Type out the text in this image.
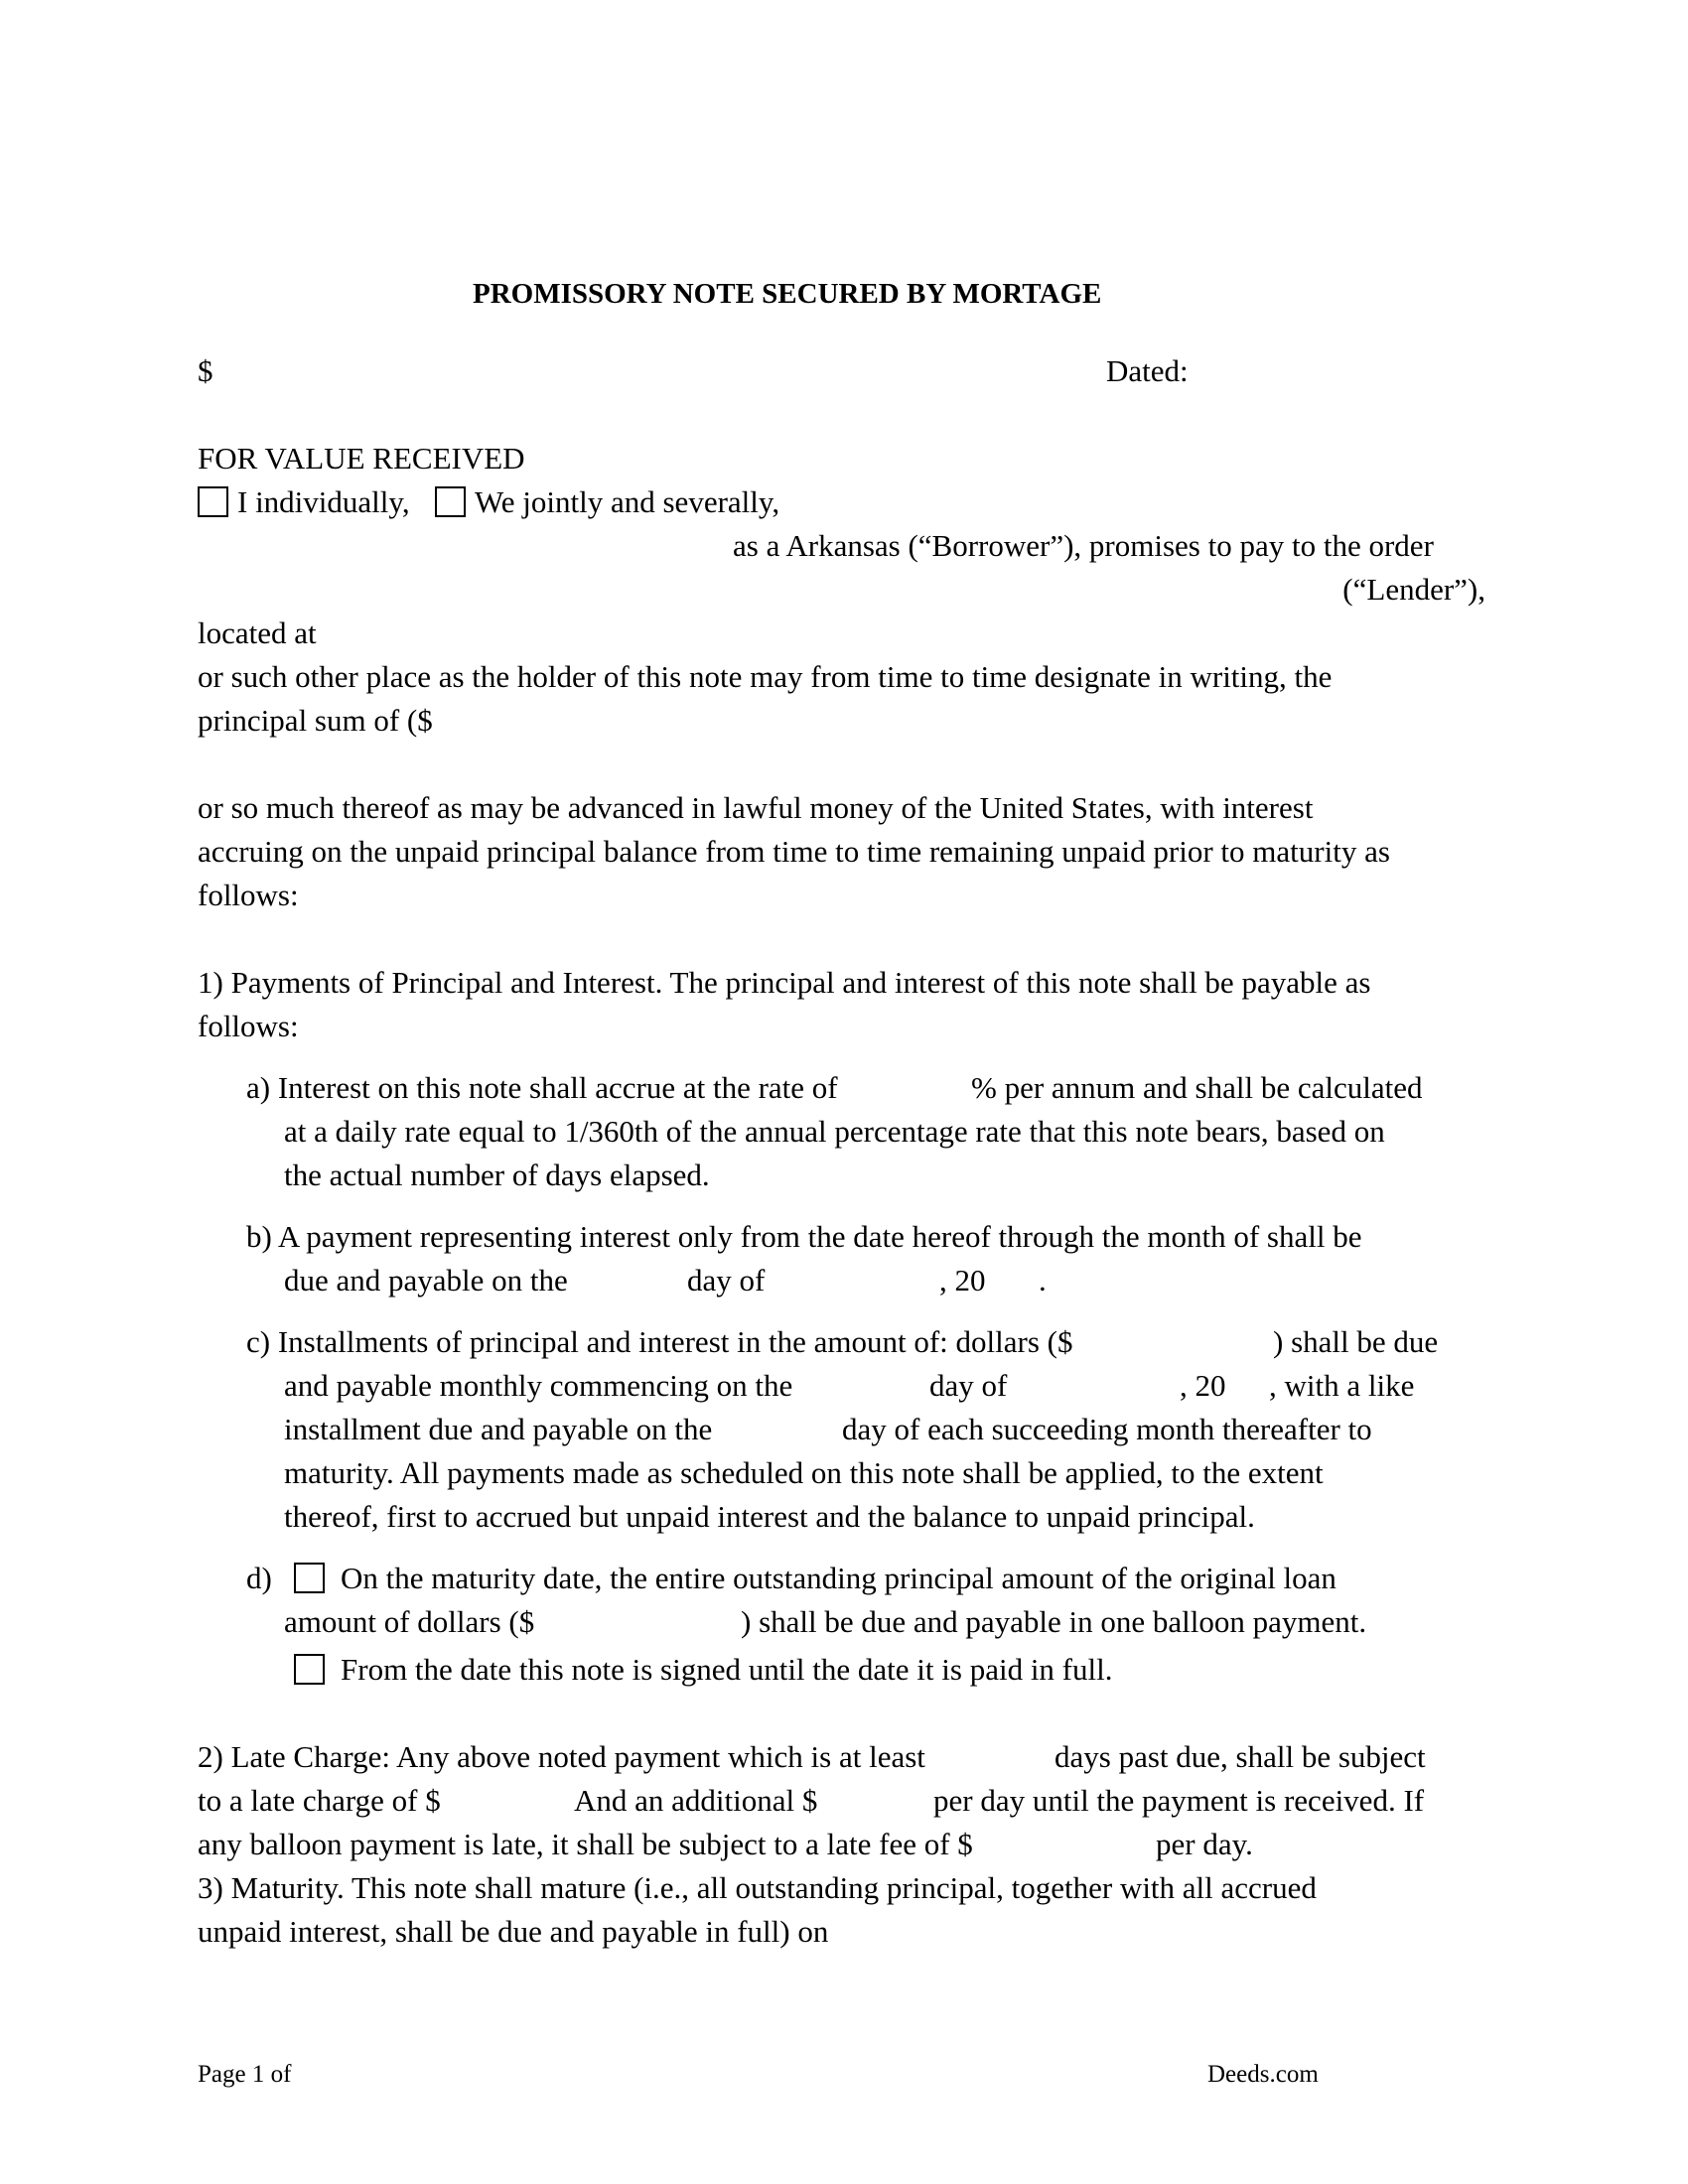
PROMISSORY NOTE SECURED BY MORTAGE
$	Dated:
FOR VALUE RECEIVED
I individually, We jointly and severally,
as a Arkansas (“Borrower”), promises to pay to the order
(“Lender”),
located at
or such other place as the holder of this note may from time to time designate in writing, the
principal sum of ($
or so much thereof as may be advanced in lawful money of the United States, with interest
accruing on the unpaid principal balance from time to time remaining unpaid prior to maturity as
follows:
1) Payments of Principal and Interest. The principal and interest of this note shall be payable as
follows:
a) Interest on this note shall accrue at the rate of	% per annum and shall be calculated
at a daily rate equal to 1/360th of the annual percentage rate that this note bears, based on
the actual number of days elapsed.
b) A payment representing interest only from the date hereof through the month of shall be
due and payable on the	day of	, 20 .
c) Installments of principal and interest in the amount of: dollars ($	) shall be due
and payable monthly commencing on the	day of	, 20 , with a like
installment due and payable on the	day of each succeeding month thereafter to
maturity. All payments made as scheduled on this note shall be applied, to the extent
thereof, first to accrued but unpaid interest and the balance to unpaid principal.
d) On the maturity date, the entire outstanding principal amount of the original loan
amount of dollars ($	) shall be due and payable in one balloon payment.
From the date this note is signed until the date it is paid in full.
2) Late Charge: Any above noted payment which is at least	days past due, shall be subject
to a late charge of $	And an additional $	per day until the payment is received. If
any balloon payment is late, it shall be subject to a late fee of $	per day.
3) Maturity. This note shall mature (i.e., all outstanding principal, together with all accrued
unpaid interest, shall be due and payable in full) on
Page 1 of	Deeds.com
